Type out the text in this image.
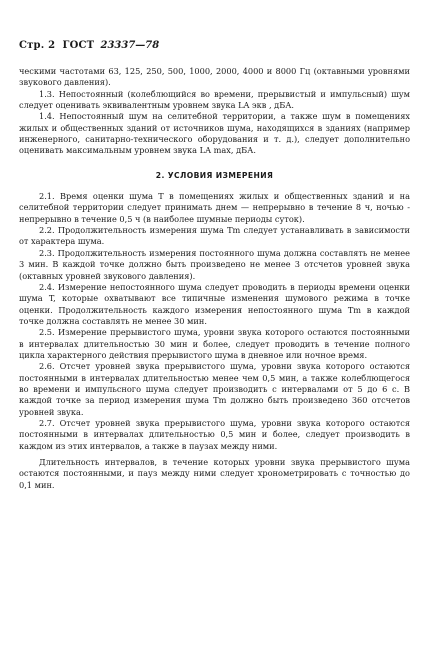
Стр. 2 ГОСТ 23337—78

ческими частотами 63, 125, 250, 500, 1000, 2000, 4000 и 8000 Гц (октавными уровнями звукового давления).

1.3. Непостоянный (колеблющийся во времени, прерывистый и импульсный) шум следует оценивать эквивалентным уровнем звука LA экв , дБА.

1.4. Непостоянный шум на селитебной территории, а также шум в помещениях жилых и общественных зданий от источников шума, находящихся в зданиях (например инженерного, санитарно-технического оборудования и т. д.), следует дополнительно оценивать максимальным уровнем звука LA max, дБА.

2. УСЛОВИЯ ИЗМЕРЕНИЯ

2.1. Время оценки шума T в помещениях жилых и общественных зданий и на селитебной территории следует принимать днем — непрерывно в течение 8 ч, ночью - непрерывно в течение 0,5 ч (в наиболее шумные периоды суток).

2.2. Продолжительность измерения шума Tm следует устанавливать в зависимости от характера шума.

2.3. Продолжительность измерения постоянного шума должна составлять не менее 3 мин. В каждой точке должно быть произведено не менее 3 отсчетов уровней звука (октавных уровней звукового давления).

2.4. Измерение непостоянного шума следует проводить в периоды времени оценки шума T, которые охватывают все типичные изменения шумового режима в точке оценки. Продолжительность каждого измерения непостоянного шума Tm в каждой точке должна составлять не менее 30 мин.

2.5. Измерение прерывистого шума, уровни звука которого остаются постоянными в интервалах длительностью 30 мин и более, следует проводить в течение полного цикла характерного действия прерывистого шума в дневное или ночное время.

2.6. Отсчет уровней звука прерывистого шума, уровни звука которого остаются постоянными в интервалах длительностью менее чем 0,5 мин, а также колеблющегося во времени и импульсного шума следует производить с интервалами от 5 до 6 с. В каждой точке за период измерения шума Tm должно быть произведено 360 отсчетов уровней звука.

2.7. Отсчет уровней звука прерывистого шума, уровни звука которого остаются постоянными в интервалах длительностью 0,5 мин и более, следует производить в каждом из этих интервалов, а также в паузах между ними.

Длительность интервалов, в течение которых уровни звука прерывистого шума остаются постоянными, и пауз между ними следует хронометрировать с точностью до 0,1 мин.
